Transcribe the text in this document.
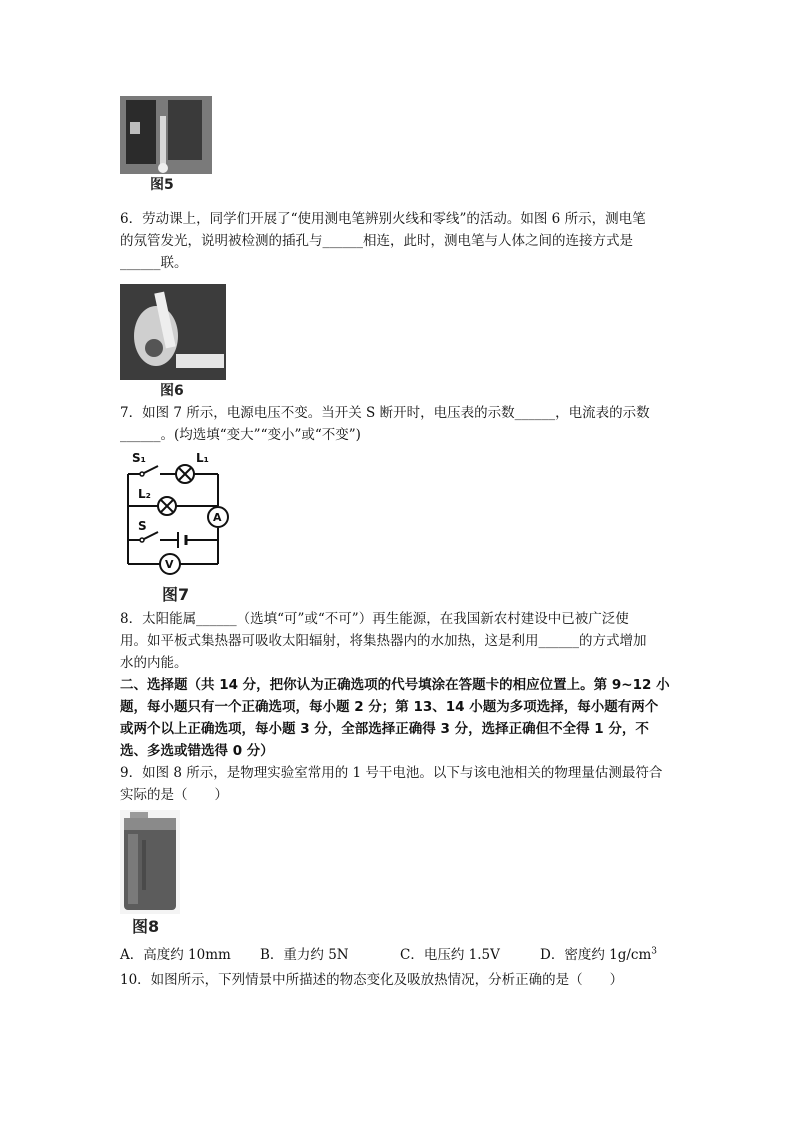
图5
6．劳动课上，同学们开展了“使用测电笔辨别火线和零线”的活动。如图 6 所示，测电笔
的氖管发光，说明被检测的插孔与______相连，此时，测电笔与人体之间的连接方式是
______联。
图6
7．如图 7 所示，电源电压不变。当开关 S 断开时，电压表的示数______，电流表的示数
______。(均选填“变大”“变小”或“不变”)
S₁	L₁
L₂
S
A
V
图7
8．太阳能属______（选填“可”或“不可”）再生能源，在我国新农村建设中已被广泛使
用。如平板式集热器可吸收太阳辐射，将集热器内的水加热，这是利用______的方式增加
水的内能。
二、选择题（共 14 分，把你认为正确选项的代号填涂在答题卡的相应位置上。第 9~12 小
题，每小题只有一个正确选项，每小题 2 分；第 13、14 小题为多项选择，每小题有两个
或两个以上正确选项，每小题 3 分，全部选择正确得 3 分，选择正确但不全得 1 分，不
选、多选或错选得 0 分）
9．如图 8 所示，是物理实验室常用的 1 号干电池。以下与该电池相关的物理量估测最符合
实际的是（　　）
图8
A．高度约 10mm B．重力约 5N	C．电压约 1.5V	D．密度约 $1g/cm^3$
10．如图所示，下列情景中所描述的物态变化及吸放热情况，分析正确的是（　　）
